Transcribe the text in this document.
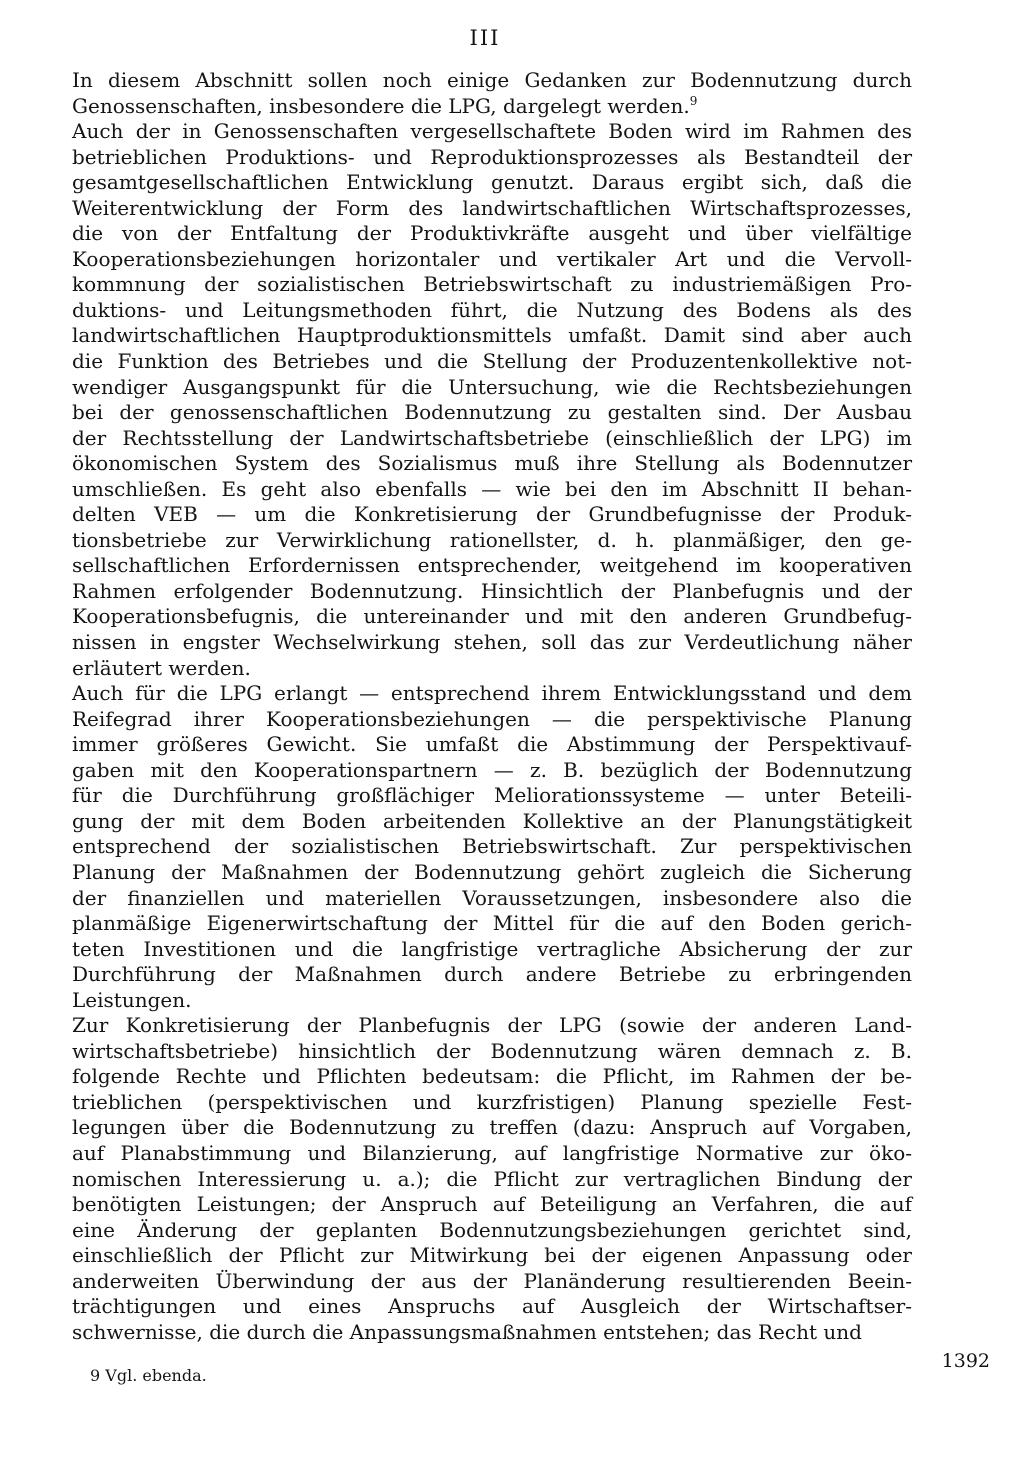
III
In diesem Abschnitt sollen noch einige Gedanken zur Bodennutzung durch
Genossenschaften, insbesondere die LPG, dargelegt werden.$^9$
Auch der in Genossenschaften vergesellschaftete Boden wird im Rahmen des
betrieblichen Produktions- und Reproduktionsprozesses als Bestandteil der
gesamtgesellschaftlichen Entwicklung genutzt. Daraus ergibt sich, daß die
Weiterentwicklung der Form des landwirtschaftlichen Wirtschaftsprozesses,
die von der Entfaltung der Produktivkräfte ausgeht und über vielfältige
Kooperationsbeziehungen horizontaler und vertikaler Art und die Vervoll-
kommnung der sozialistischen Betriebswirtschaft zu industriemäßigen Pro-
duktions- und Leitungsmethoden führt, die Nutzung des Bodens als des
landwirtschaftlichen Hauptproduktionsmittels umfaßt. Damit sind aber auch
die Funktion des Betriebes und die Stellung der Produzentenkollektive not-
wendiger Ausgangspunkt für die Untersuchung, wie die Rechtsbeziehungen
bei der genossenschaftlichen Bodennutzung zu gestalten sind. Der Ausbau
der Rechtsstellung der Landwirtschaftsbetriebe (einschließlich der LPG) im
ökonomischen System des Sozialismus muß ihre Stellung als Bodennutzer
umschließen. Es geht also ebenfalls — wie bei den im Abschnitt II behan-
delten VEB — um die Konkretisierung der Grundbefugnisse der Produk-
tionsbetriebe zur Verwirklichung rationellster, d. h. planmäßiger, den ge-
sellschaftlichen Erfordernissen entsprechender, weitgehend im kooperativen
Rahmen erfolgender Bodennutzung. Hinsichtlich der Planbefugnis und der
Kooperationsbefugnis, die untereinander und mit den anderen Grundbefug-
nissen in engster Wechselwirkung stehen, soll das zur Verdeutlichung näher
erläutert werden.
Auch für die LPG erlangt — entsprechend ihrem Entwicklungsstand und dem
Reifegrad ihrer Kooperationsbeziehungen — die perspektivische Planung
immer größeres Gewicht. Sie umfaßt die Abstimmung der Perspektivauf-
gaben mit den Kooperationspartnern — z. B. bezüglich der Bodennutzung
für die Durchführung großflächiger Meliorationssysteme — unter Beteili-
gung der mit dem Boden arbeitenden Kollektive an der Planungstätigkeit
entsprechend der sozialistischen Betriebswirtschaft. Zur perspektivischen
Planung der Maßnahmen der Bodennutzung gehört zugleich die Sicherung
der finanziellen und materiellen Voraussetzungen, insbesondere also die
planmäßige Eigenerwirtschaftung der Mittel für die auf den Boden gerich-
teten Investitionen und die langfristige vertragliche Absicherung der zur
Durchführung der Maßnahmen durch andere Betriebe zu erbringenden
Leistungen.
Zur Konkretisierung der Planbefugnis der LPG (sowie der anderen Land-
wirtschaftsbetriebe) hinsichtlich der Bodennutzung wären demnach z. B.
folgende Rechte und Pflichten bedeutsam: die Pflicht, im Rahmen der be-
trieblichen (perspektivischen und kurzfristigen) Planung spezielle Fest-
legungen über die Bodennutzung zu treffen (dazu: Anspruch auf Vorgaben,
auf Planabstimmung und Bilanzierung, auf langfristige Normative zur öko-
nomischen Interessierung u. a.); die Pflicht zur vertraglichen Bindung der
benötigten Leistungen; der Anspruch auf Beteiligung an Verfahren, die auf
eine Änderung der geplanten Bodennutzungsbeziehungen gerichtet sind,
einschließlich der Pflicht zur Mitwirkung bei der eigenen Anpassung oder
anderweiten Überwindung der aus der Planänderung resultierenden Beein-
trächtigungen und eines Anspruchs auf Ausgleich der Wirtschaftser-
schwernisse, die durch die Anpassungsmaßnahmen entstehen; das Recht und
1392
9 Vgl. ebenda.
